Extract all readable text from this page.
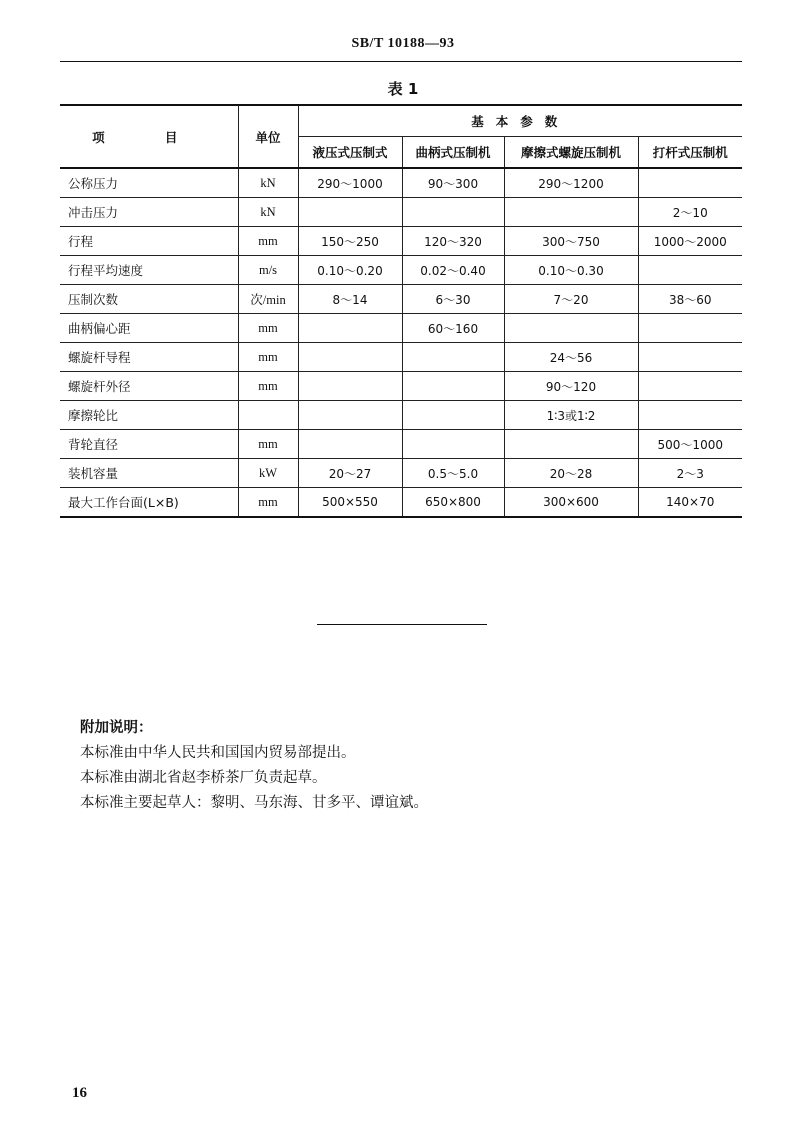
SB/T 10188—93
表 1
项 目	单位	基本参数			
		液压式压制式	曲柄式压制机	摩擦式螺旋压制机	打杆式压制机
公称压力	kN	290～1000	90～300	290～1200	
冲击压力	kN				2～10
行程	mm	150～250	120～320	300～750	1000～2000
行程平均速度	m/s	0.10～0.20	0.02～0.40	0.10～0.30	
压制次数	次/min	8～14	6～30	7～20	38～60
曲柄偏心距	mm		60～160		
螺旋杆导程	mm			24～56	
螺旋杆外径	mm			90～120	
摩擦轮比				1∶3或1∶2	
背轮直径	mm				500～1000
装机容量	kW	20～27	0.5～5.0	20～28	2～3
最大工作台面(L×B)	mm	500×550	650×800	300×600	140×70
附加说明：
本标准由中华人民共和国国内贸易部提出。
本标准由湖北省赵李桥茶厂负责起草。
本标准主要起草人：黎明、马东海、甘多平、谭谊斌。
16
